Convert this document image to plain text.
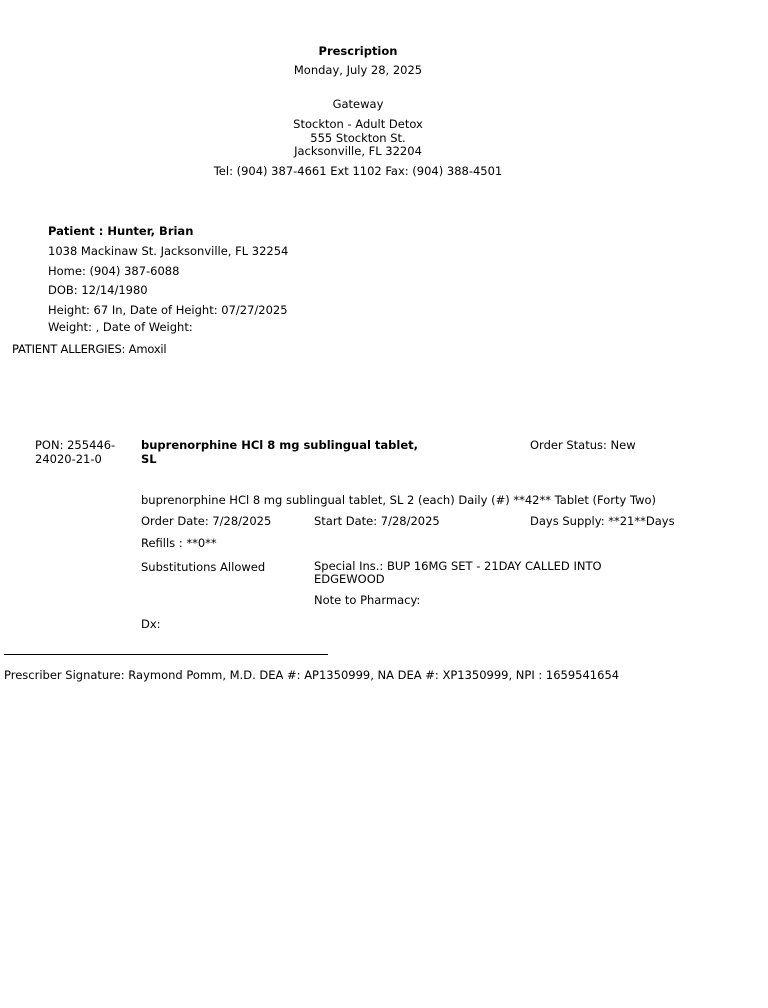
Prescription
Monday, July 28, 2025
Gateway
Stockton - Adult Detox
555 Stockton St.
Jacksonville, FL 32204
Tel: (904) 387-4661 Ext 1102 Fax: (904) 388-4501
Patient : Hunter, Brian
1038 Mackinaw St. Jacksonville, FL 32254
Home: (904) 387-6088
DOB: 12/14/1980
Height: 67 In, Date of Height: 07/27/2025
Weight: , Date of Weight:
PATIENT ALLERGIES: Amoxil
PON: 255446-24020-21-0
buprenorphine HCl 8 mg sublingual tablet, SL
Order Status: New
buprenorphine HCl 8 mg sublingual tablet, SL 2 (each) Daily (#) **42** Tablet (Forty Two)
Order Date: 7/28/2025	Start Date: 7/28/2025	Days Supply: **21**Days
Refills : **0**
Substitutions Allowed	Special Ins.: BUP 16MG SET - 21DAY CALLED INTO EDGEWOOD
Note to Pharmacy:
Dx:
Prescriber Signature: Raymond Pomm, M.D. DEA #: AP1350999, NA DEA #: XP1350999, NPI : 1659541654
